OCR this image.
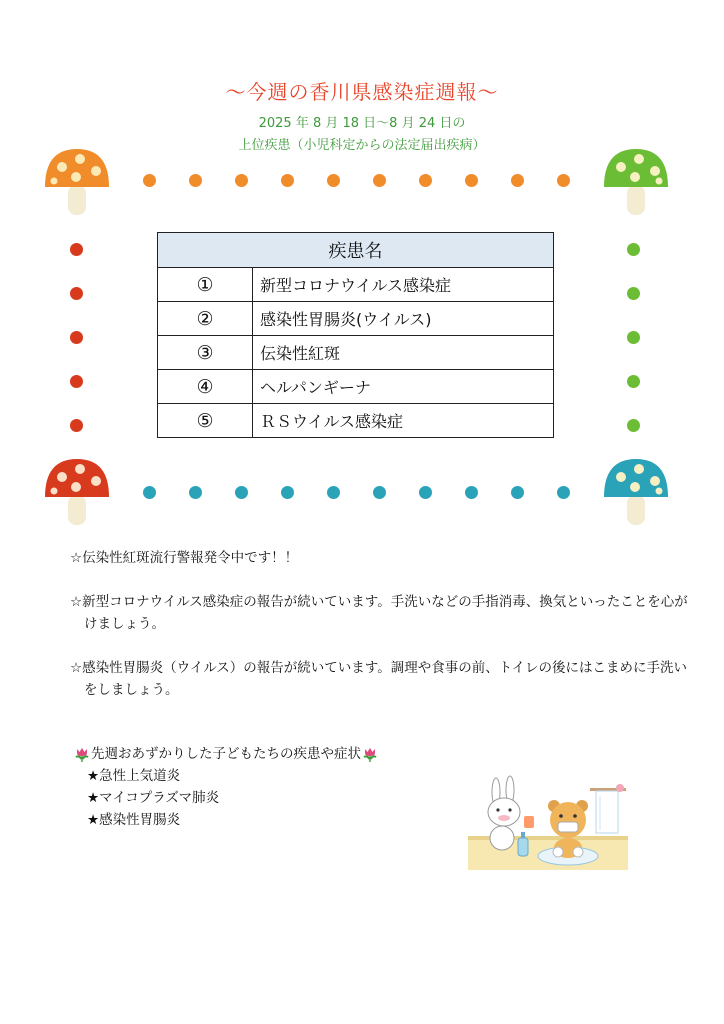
～今週の香川県感染症週報～
2025 年 8 月 18 日～8 月 24 日の
上位疾患（小児科定からの法定届出疾病）
疾患名	
①	新型コロナウイルス感染症
②	感染性胃腸炎(ウイルス)
③	伝染性紅斑
④	ヘルパンギーナ
⑤	ＲＳウイルス感染症

☆伝染性紅斑流行警報発令中です！！

☆新型コロナウイルス感染症の報告が続いています。手洗いなどの手指消毒、換気といったことを心がけましょう。

☆感染性胃腸炎（ウイルス）の報告が続いています。調理や食事の前、トイレの後にはこまめに手洗いをしましょう。

先週おあずかりした子どもたちの疾患や症状
★急性上気道炎
★マイコプラズマ肺炎
★感染性胃腸炎
